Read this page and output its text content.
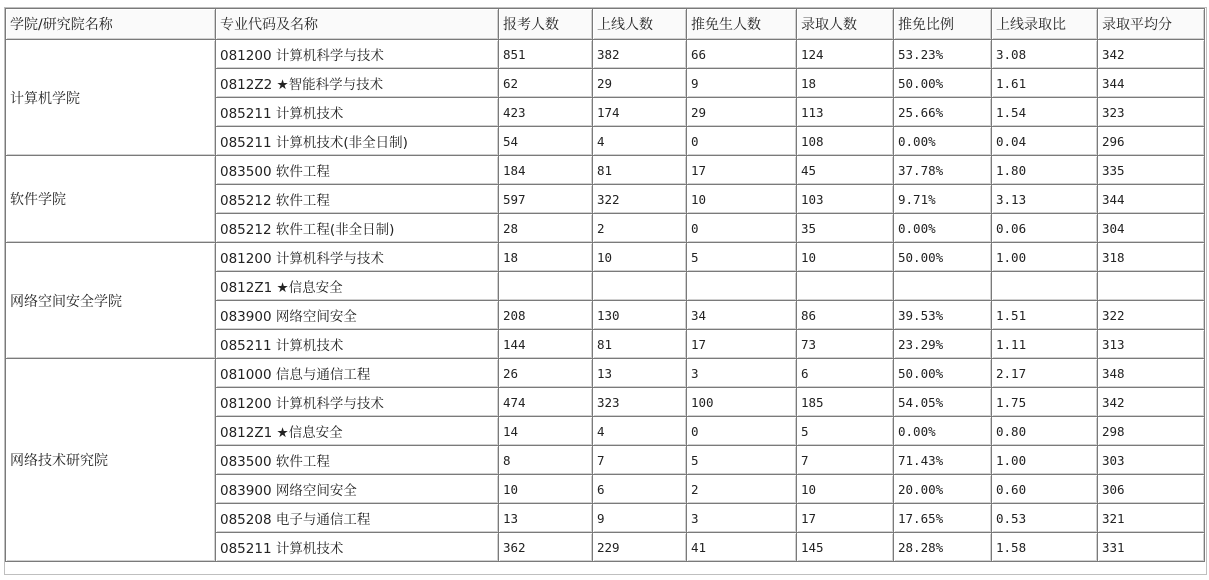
学院/研究院名称	专业代码及名称	报考人数	上线人数	推免生人数	录取人数	推免比例	上线录取比	录取平均分
计算机学院	081200 计算机科学与技术	851	382	66	124	53.23%	3.08	342
	0812Z2 ★智能科学与技术	62	29	9	18	50.00%	1.61	344
	085211 计算机技术	423	174	29	113	25.66%	1.54	323
	085211 计算机技术(非全日制)	54	4	0	108	0.00%	0.04	296
软件学院	083500 软件工程	184	81	17	45	37.78%	1.80	335
	085212 软件工程	597	322	10	103	9.71%	3.13	344
	085212 软件工程(非全日制)	28	2	0	35	0.00%	0.06	304
网络空间安全学院	081200 计算机科学与技术	18	10	5	10	50.00%	1.00	318
	0812Z1 ★信息安全							
	083900 网络空间安全	208	130	34	86	39.53%	1.51	322
	085211 计算机技术	144	81	17	73	23.29%	1.11	313
网络技术研究院	081000 信息与通信工程	26	13	3	6	50.00%	2.17	348
	081200 计算机科学与技术	474	323	100	185	54.05%	1.75	342
	0812Z1 ★信息安全	14	4	0	5	0.00%	0.80	298
	083500 软件工程	8	7	5	7	71.43%	1.00	303
	083900 网络空间安全	10	6	2	10	20.00%	0.60	306
	085208 电子与通信工程	13	9	3	17	17.65%	0.53	321
	085211 计算机技术	362	229	41	145	28.28%	1.58	331
